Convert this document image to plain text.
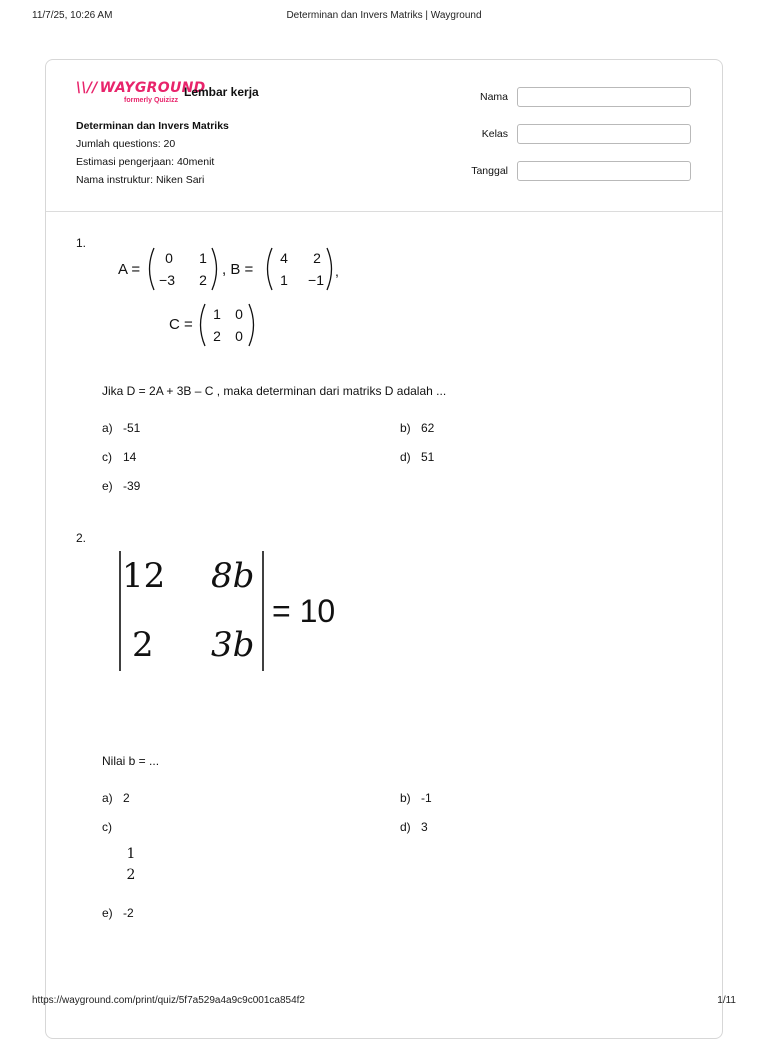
11/7/25, 10:26 AM	Determinan dan Invers Matriks | Wayground
\\// WAYGROUND
formerly Quizizz
Lembar kerja
Determinan dan Invers Matriks
Jumlah questions: 20
Estimasi pengerjaan: 40menit
Nama instruktur: Niken Sari
Nama
Kelas
Tanggal
1.
A =
0 1
−3 2
, B =
4 2
1 −1
,
C =
1 0
2 0
Jika D = 2A + 3B – C , maka determinan dari matriks D adalah ...
a) -51	b) 62
c) 14	d) 51
e) -39
2.
12 8b
2 3b
= 10
Nilai b = ...
a) 2	b) -1
c)
1
2
d) 3
e) -2
https://wayground.com/print/quiz/5f7a529a4a9c9c001ca854f2	1/11
